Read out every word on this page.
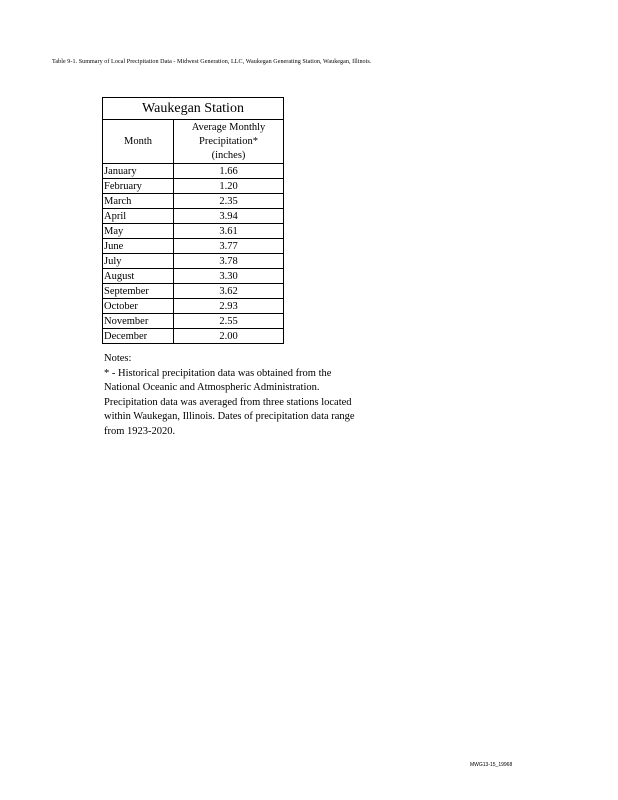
Table 9-1. Summary of Local Precipitation Data - Midwest Generation, LLC, Waukegan Generating Station, Waukegan, Illinois.
Waukegan Station	
Month	Average Monthly
Precipitation*
(inches)

January	1.66
February	1.20
March	2.35
April	3.94
May	3.61
June	3.77
July	3.78
August	3.30
September	3.62
October	2.93
November	2.55
December	2.00
Notes:
* - Historical precipitation data was obtained from the
National Oceanic and Atmospheric Administration.
Precipitation data was averaged from three stations located
within Waukegan, Illinois. Dates of precipitation data range
from 1923-2020.
MWG13-15_19968
